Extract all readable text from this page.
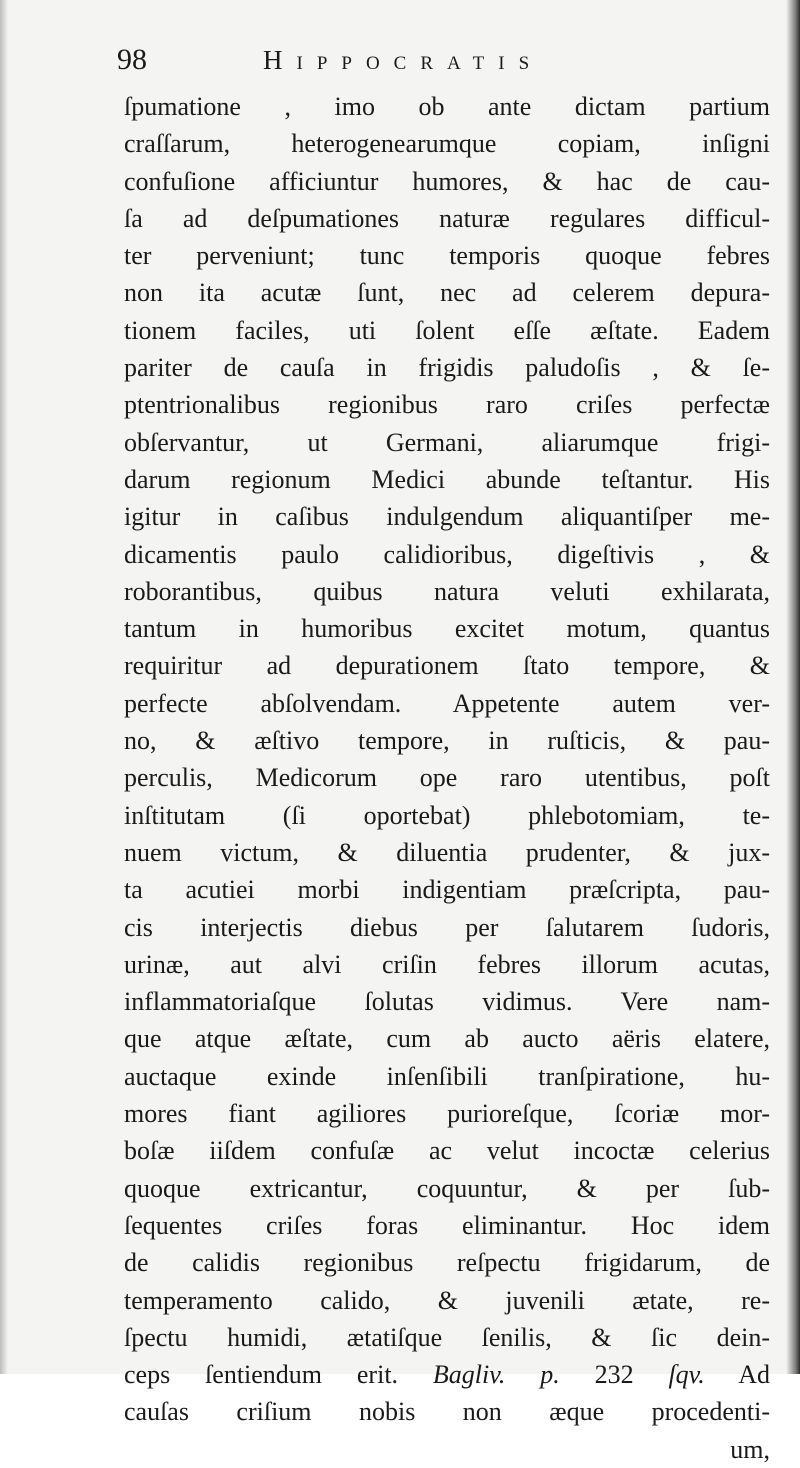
98	Hippocratis
ſpumatione , imo ob ante dictam partium
craſſarum, heterogenearumque copiam, inſigni
confuſione afficiuntur humores, & hac de cau-
ſa ad deſpumationes naturæ regulares difficul-
ter perveniunt; tunc temporis quoque febres
non ita acutæ ſunt, nec ad celerem depura-
tionem faciles, uti ſolent eſſe æſtate. Eadem
pariter de cauſa in frigidis paludoſis , & ſe-
ptentrionalibus regionibus raro criſes perfectæ
obſervantur, ut Germani, aliarumque frigi-
darum regionum Medici abunde teſtantur. His
igitur in caſibus indulgendum aliquantiſper me-
dicamentis paulo calidioribus, digeſtivis , &
roborantibus, quibus natura veluti exhilarata,
tantum in humoribus excitet motum, quantus
requiritur ad depurationem ſtato tempore, &
perfecte abſolvendam. Appetente autem ver-
no, & æſtivo tempore, in ruſticis, & pau-
perculis, Medicorum ope raro utentibus, poſt
inſtitutam (ſi oportebat) phlebotomiam, te-
nuem victum, & diluentia prudenter, & jux-
ta acutiei morbi indigentiam præſcripta, pau-
cis interjectis diebus per ſalutarem ſudoris,
urinæ, aut alvi criſin febres illorum acutas,
inflammatoriaſque ſolutas vidimus. Vere nam-
que atque æſtate, cum ab aucto aëris elatere,
auctaque exinde inſenſibili tranſpiratione, hu-
mores fiant agiliores purioreſque, ſcoriæ mor-
boſæ iiſdem confuſæ ac velut incoctæ celerius
quoque extricantur, coquuntur, & per ſub-
ſequentes criſes foras eliminantur. Hoc idem
de calidis regionibus reſpectu frigidarum, de
temperamento calido, & juvenili ætate, re-
ſpectu humidi, ætatiſque ſenilis, & ſic dein-
ceps ſentiendum erit. Bagliv. p. 232 ſqv. Ad
cauſas criſium nobis non æque procedenti-
um,
